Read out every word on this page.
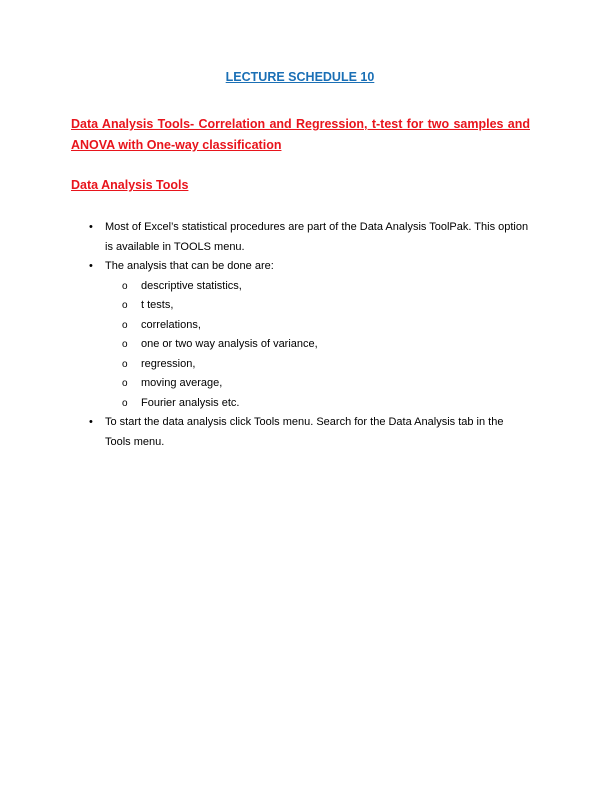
LECTURE SCHEDULE 10
Data Analysis Tools- Correlation and Regression, t-test for two samples and ANOVA with One-way classification
Data Analysis Tools
• Most of Excel’s statistical procedures are part of the Data Analysis ToolPak. This option is available in TOOLS menu.
• The analysis that can be done are:
o descriptive statistics,
o t tests,
o correlations,
o one or two way analysis of variance,
o regression,
o moving average,
o Fourier analysis etc.
• To start the data analysis click Tools menu. Search for the Data Analysis tab in the Tools menu.
